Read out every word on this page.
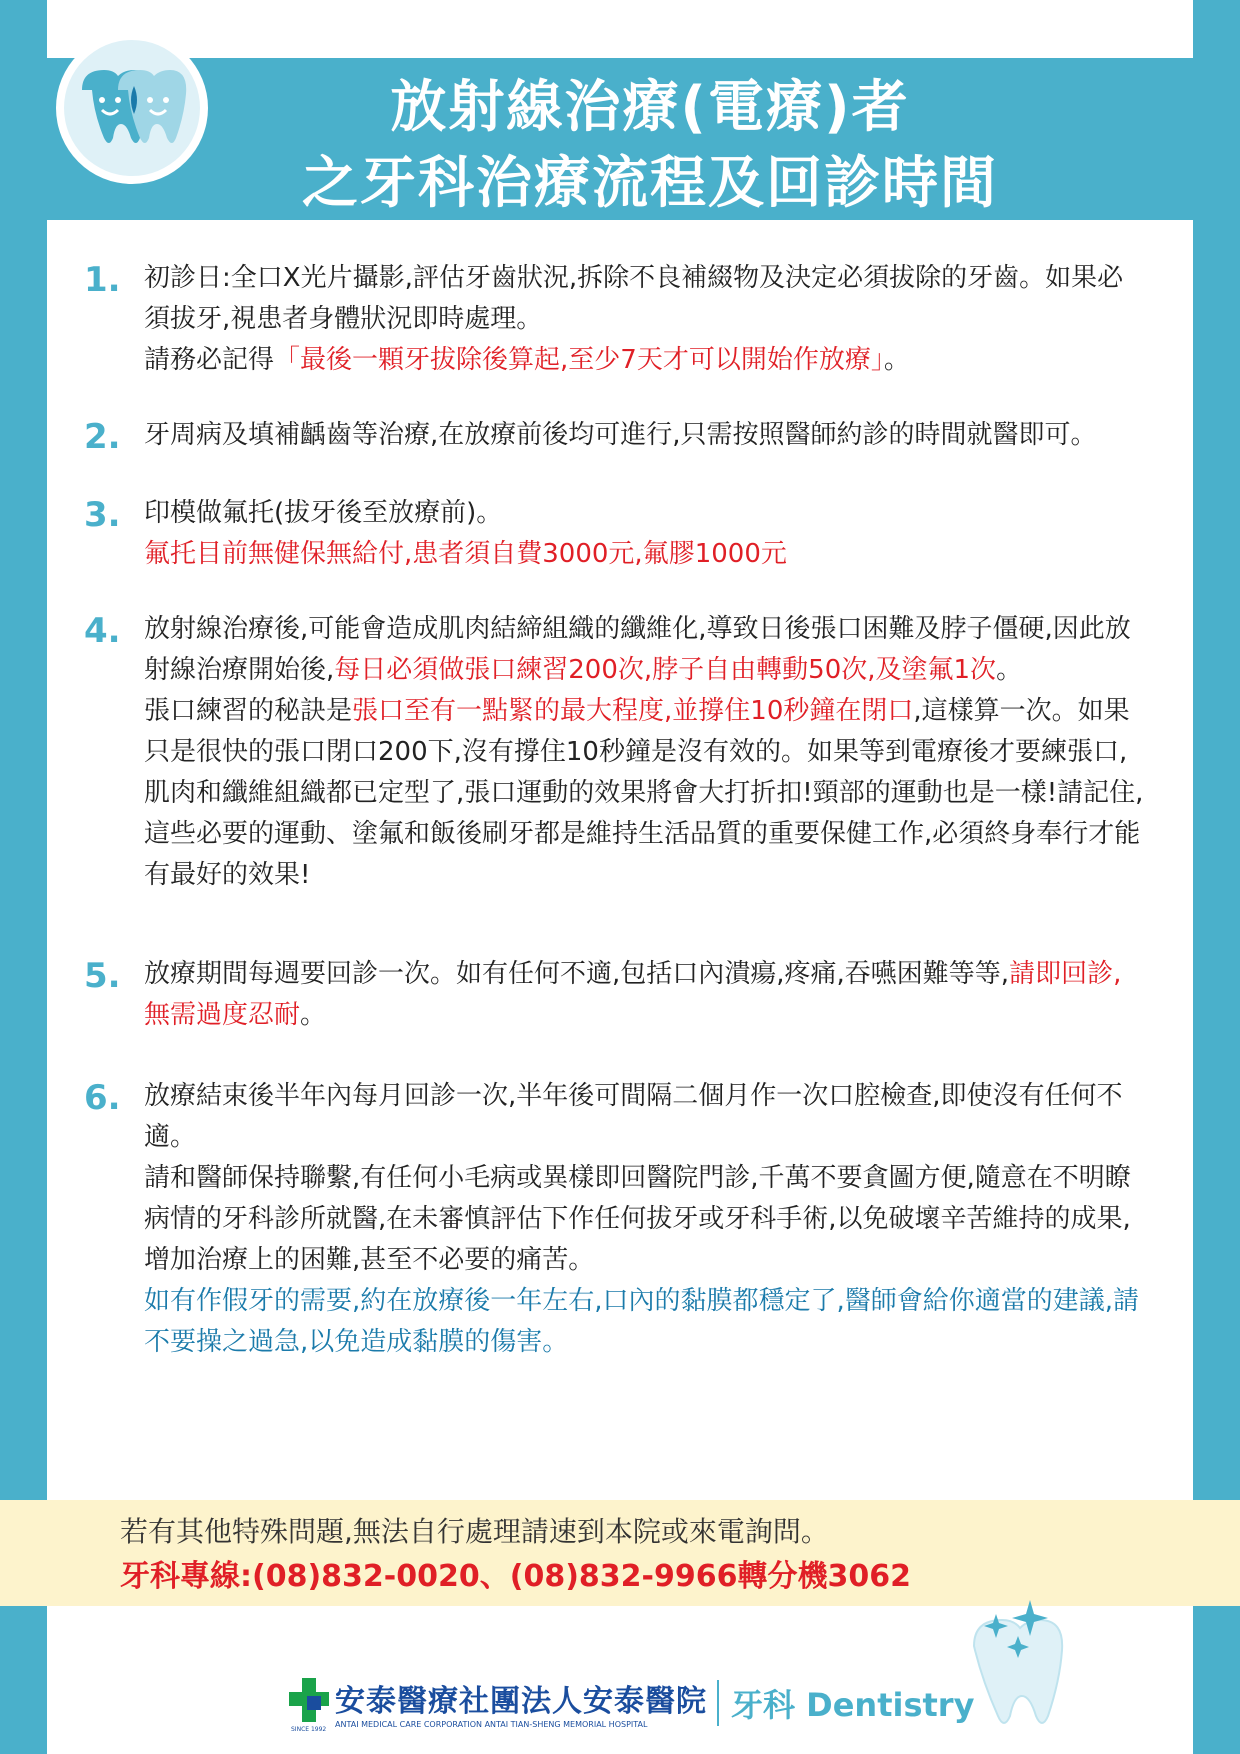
放射線治療(電療)者
之牙科治療流程及回診時間
1. 初診日:全口X光片攝影,評估牙齒狀況,拆除不良補綴物及決定必須拔除的牙齒。如果必須拔牙,視患者身體狀況即時處理。

請務必記得「最後一顆牙拔除後算起,至少7天才可以開始作放療」。

2. 牙周病及填補齲齒等治療,在放療前後均可進行,只需按照醫師約診的時間就醫即可。

3. 印模做氟托(拔牙後至放療前)。

氟托目前無健保無給付,患者須自費3000元,氟膠1000元

4. 放射線治療後,可能會造成肌肉結締組織的纖維化,導致日後張口困難及脖子僵硬,因此放射線治療開始後,每日必須做張口練習200次,脖子自由轉動50次,及塗氟1次。

張口練習的秘訣是張口至有一點緊的最大程度,並撐住10秒鐘在閉口,這樣算一次。如果只是很快的張口閉口200下,沒有撐住10秒鐘是沒有效的。如果等到電療後才要練張口,肌肉和纖維組織都已定型了,張口運動的效果將會大打折扣!頸部的運動也是一樣!請記住,這些必要的運動、塗氟和飯後刷牙都是維持生活品質的重要保健工作,必須終身奉行才能有最好的效果!

5. 放療期間每週要回診一次。如有任何不適,包括口內潰瘍,疼痛,吞嚥困難等等,請即回診,無需過度忍耐。

6. 放療結束後半年內每月回診一次,半年後可間隔二個月作一次口腔檢查,即使沒有任何不適。

請和醫師保持聯繫,有任何小毛病或異樣即回醫院門診,千萬不要貪圖方便,隨意在不明瞭病情的牙科診所就醫,在未審慎評估下作任何拔牙或牙科手術,以免破壞辛苦維持的成果,增加治療上的困難,甚至不必要的痛苦。

如有作假牙的需要,約在放療後一年左右,口內的黏膜都穩定了,醫師會給你適當的建議,請不要操之過急,以免造成黏膜的傷害。

若有其他特殊問題,無法自行處理請速到本院或來電詢問。
牙科專線:(08)832-0020、(08)832-9966轉分機3062
SINCE 1992
安泰醫療社團法人安泰醫院
ANTAI MEDICAL CARE CORPORATION ANTAI TIAN-SHENG MEMORIAL HOSPITAL
牙科 Dentistry
